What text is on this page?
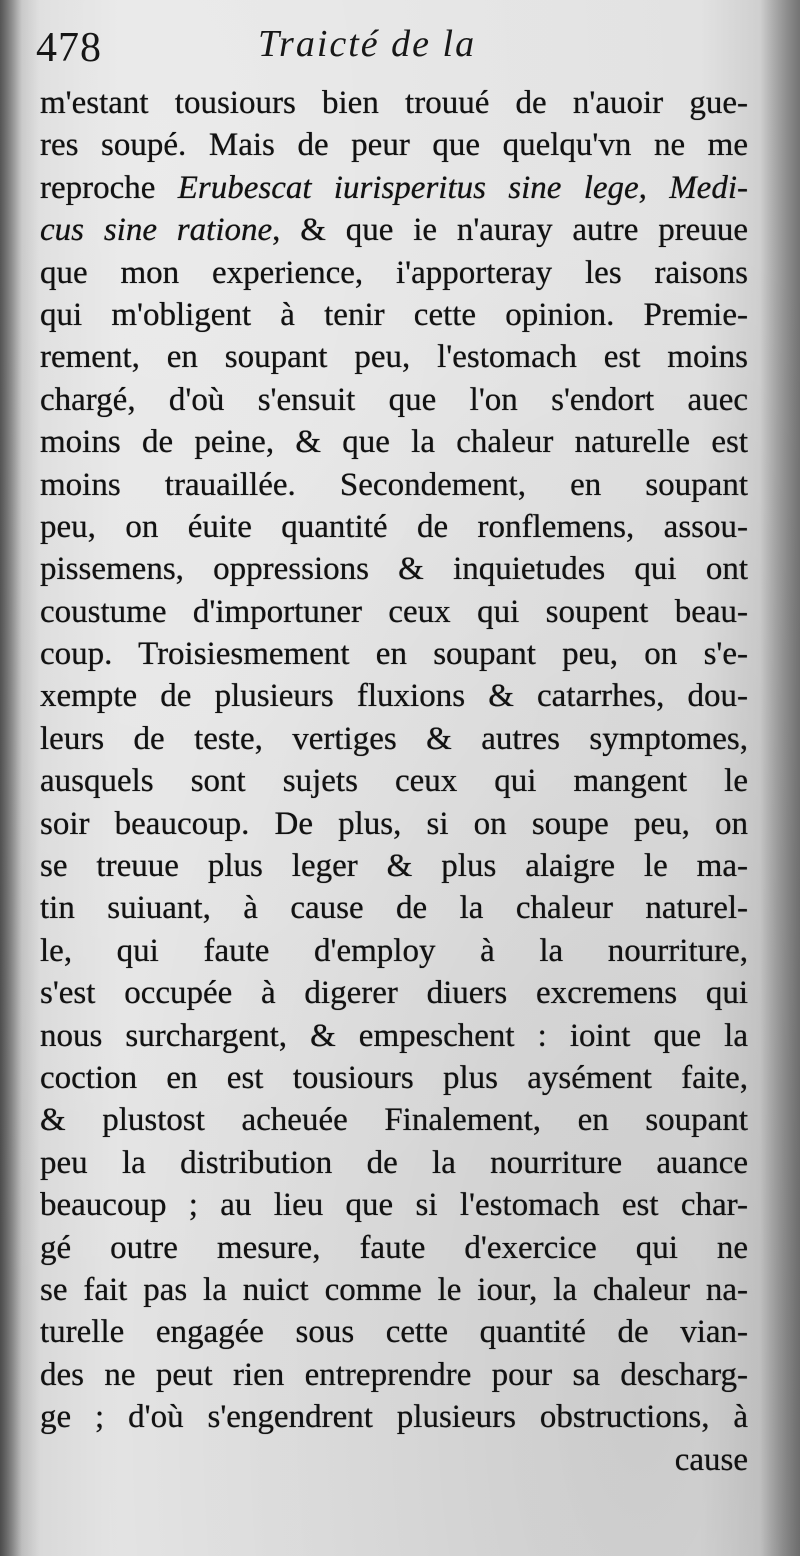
478	Traicté de la
m'estant tousiours bien trouué de n'auoir gue-
res soupé. Mais de peur que quelqu'vn ne me
reproche Erubescat iurisperitus sine lege, Medi-
cus sine ratione, & que ie n'auray autre preuue
que mon experience, i'apporteray les raisons
qui m'obligent à tenir cette opinion. Premie-
rement, en soupant peu, l'estomach est moins
chargé, d'où s'ensuit que l'on s'endort auec
moins de peine, & que la chaleur naturelle est
moins trauaillée. Secondement, en soupant
peu, on éuite quantité de ronflemens, assou-
pissemens, oppressions & inquietudes qui ont
coustume d'importuner ceux qui soupent beau-
coup. Troisiesmement en soupant peu, on s'e-
xempte de plusieurs fluxions & catarrhes, dou-
leurs de teste, vertiges & autres symptomes,
ausquels sont sujets ceux qui mangent le
soir beaucoup. De plus, si on soupe peu, on
se treuue plus leger & plus alaigre le ma-
tin suiuant, à cause de la chaleur naturel-
le, qui faute d'employ à la nourriture,
s'est occupée à digerer diuers excremens qui
nous surchargent, & empeschent : ioint que la
coction en est tousiours plus aysément faite,
& plustost acheuée Finalement, en soupant
peu la distribution de la nourriture auance
beaucoup ; au lieu que si l'estomach est char-
gé outre mesure, faute d'exercice qui ne
se fait pas la nuict comme le iour, la chaleur na-
turelle engagée sous cette quantité de vian-
des ne peut rien entreprendre pour sa descharg-
ge ; d'où s'engendrent plusieurs obstructions, à
cause
